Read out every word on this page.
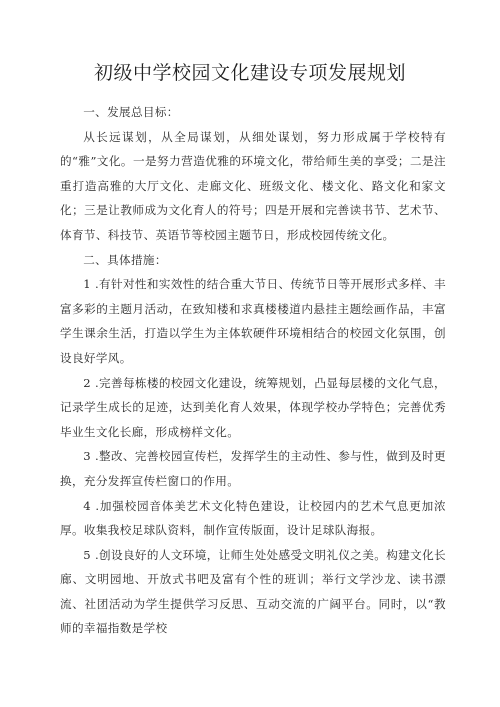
初级中学校园文化建设专项发展规划

一、发展总目标：

从长远谋划，从全局谋划，从细处谋划，努力形成属于学校特有的“雅”文化。一是努力营造优雅的环境文化，带给师生美的享受；二是注重打造高雅的大厅文化、走廊文化、班级文化、楼文化、路文化和家文化；三是让教师成为文化育人的符号；四是开展和完善读书节、艺术节、体育节、科技节、英语节等校园主题节日，形成校园传统文化。

二、具体措施：

1 .有针对性和实效性的结合重大节日、传统节日等开展形式多样、丰富多彩的主题月活动，在致知楼和求真楼楼道内悬挂主题绘画作品，丰富学生课余生活，打造以学生为主体软硬件环境相结合的校园文化氛围，创设良好学风。

2 .完善每栋楼的校园文化建设，统筹规划，凸显每层楼的文化气息，记录学生成长的足迹，达到美化育人效果，体现学校办学特色；完善优秀毕业生文化长廊，形成榜样文化。

3 .整改、完善校园宣传栏，发挥学生的主动性、参与性，做到及时更换，充分发挥宣传栏窗口的作用。

4 .加强校园音体美艺术文化特色建设，让校园内的艺术气息更加浓厚。收集我校足球队资料，制作宣传版面，设计足球队海报。

5 .创设良好的人文环境，让师生处处感受文明礼仪之美。构建文化长廊、文明园地、开放式书吧及富有个性的班训；举行文学沙龙、读书漂流、社团活动为学生提供学习反思、互动交流的广阔平台。同时，以“教师的幸福指数是学校
